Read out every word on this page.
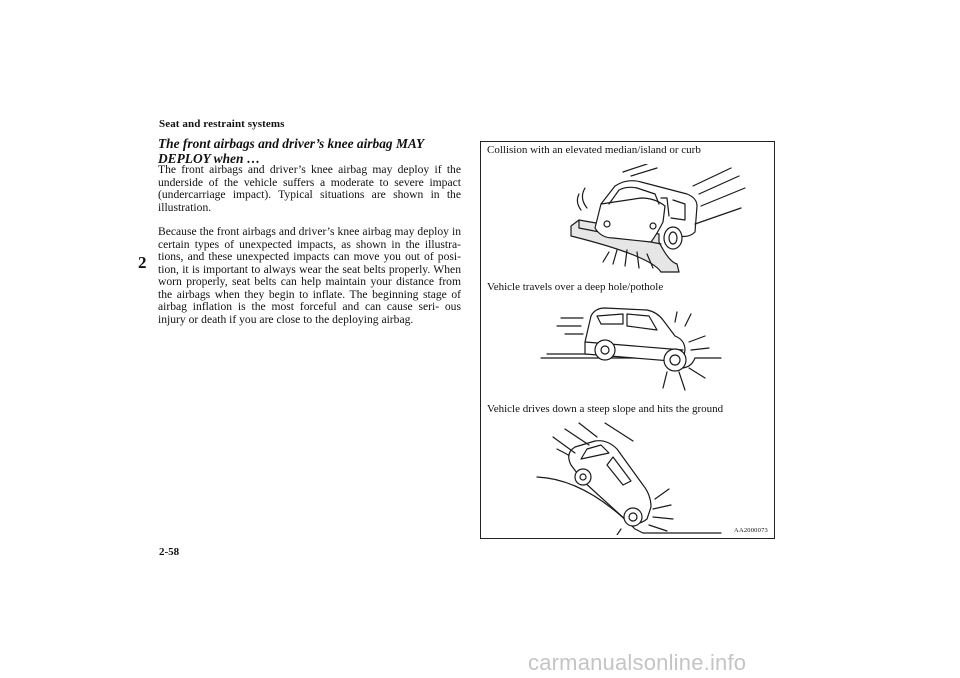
Seat and restraint systems
2
The front airbags and driver’s knee airbag MAY DEPLOY when …

The front airbags and driver’s knee airbag may deploy if the underside of the vehicle suffers a moderate to severe impact (undercarriage impact). Typical situations are shown in the illustration.

Because the front airbags and driver’s knee airbag may deploy in certain types of unexpected impacts, as shown in the illustra- tions, and these unexpected impacts can move you out of posi- tion, it is important to always wear the seat belts properly. When worn properly, seat belts can help maintain your distance from the airbags when they begin to inflate. The beginning stage of airbag inflation is the most forceful and can cause seri- ous injury or death if you are close to the deploying airbag.

Collision with an elevated median/island or curb
Vehicle travels over a deep hole/pothole
Vehicle drives down a steep slope and hits the ground
AA2000073
2-58
carmanualsonline.info
